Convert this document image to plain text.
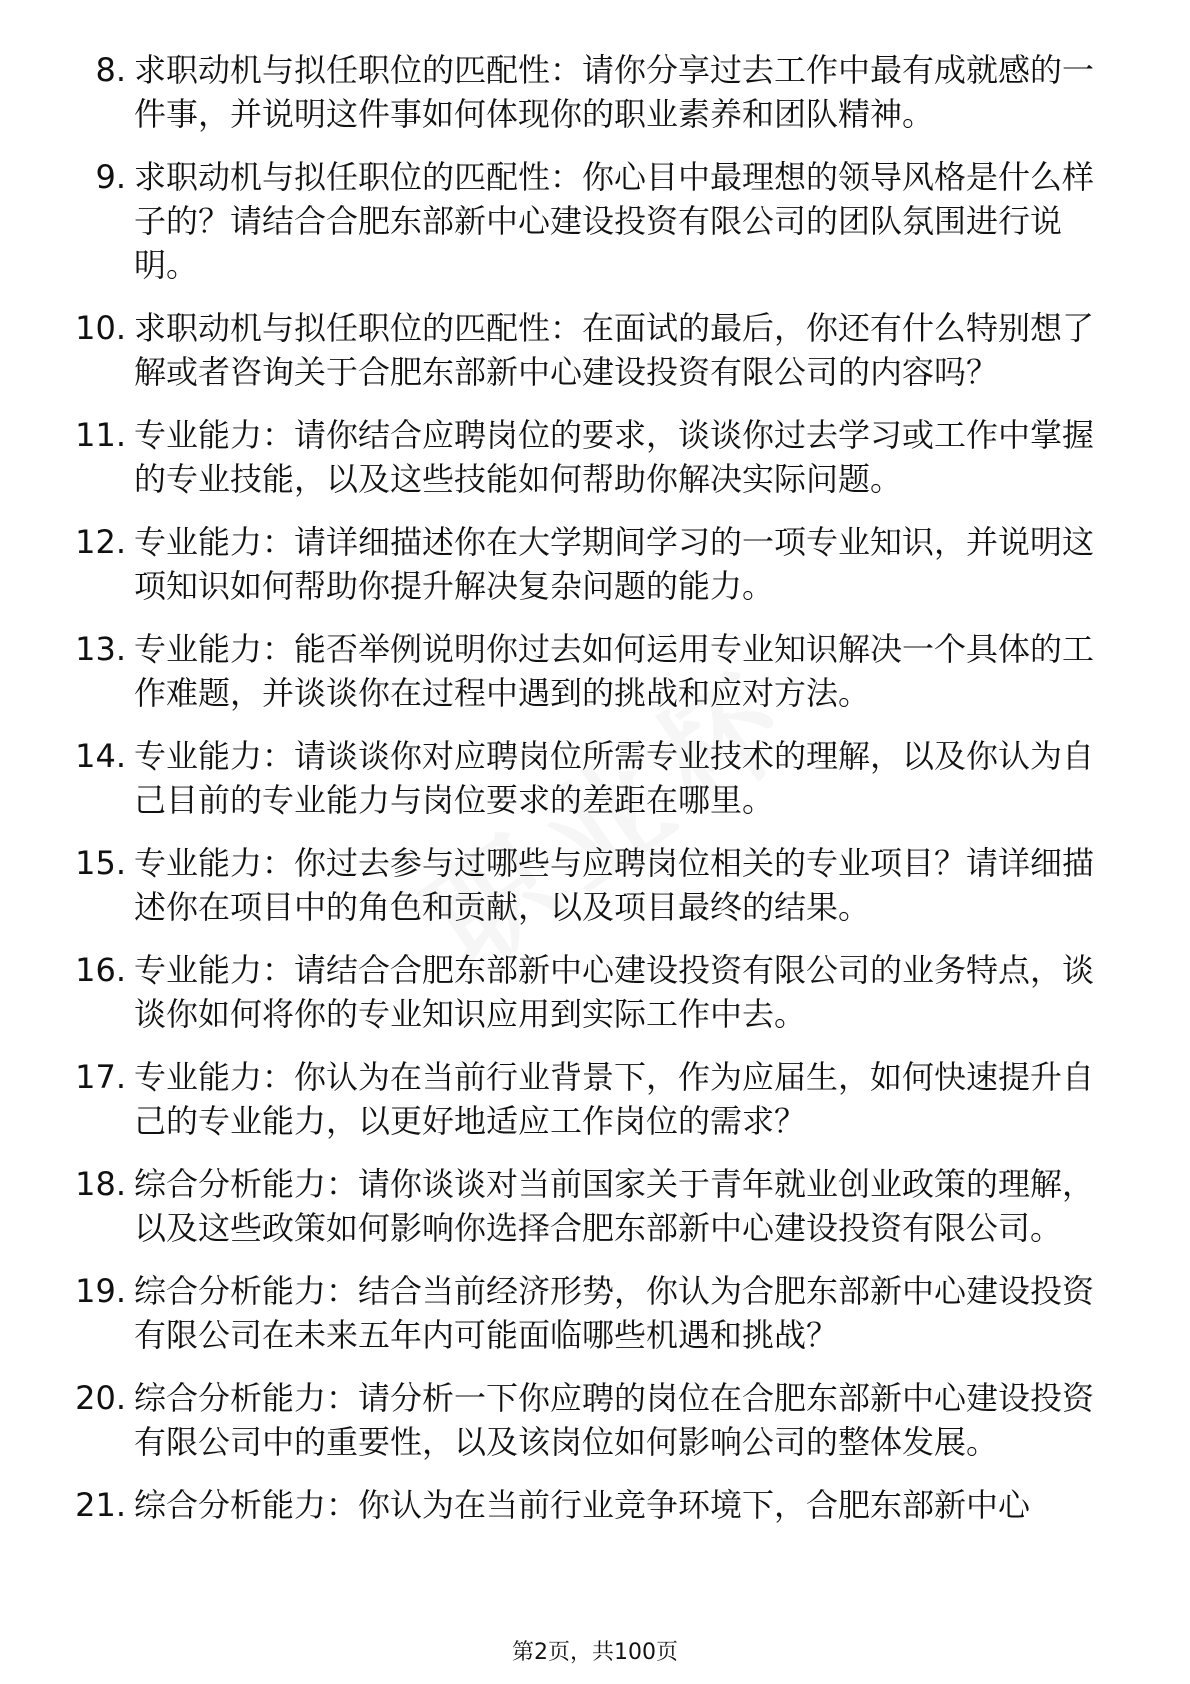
8. 求职动机与拟任职位的匹配性：请你分享过去工作中最有成就感的一件事，并说明这件事如何体现你的职业素养和团队精神。
9. 求职动机与拟任职位的匹配性：你心目中最理想的领导风格是什么样子的？请结合合肥东部新中心建设投资有限公司的团队氛围进行说明。
10. 求职动机与拟任职位的匹配性：在面试的最后，你还有什么特别想了解或者咨询关于合肥东部新中心建设投资有限公司的内容吗？
11. 专业能力：请你结合应聘岗位的要求，谈谈你过去学习或工作中掌握的专业技能，以及这些技能如何帮助你解决实际问题。
12. 专业能力：请详细描述你在大学期间学习的一项专业知识，并说明这项知识如何帮助你提升解决复杂问题的能力。
13. 专业能力：能否举例说明你过去如何运用专业知识解决一个具体的工作难题，并谈谈你在过程中遇到的挑战和应对方法。
14. 专业能力：请谈谈你对应聘岗位所需专业技术的理解，以及你认为自己目前的专业能力与岗位要求的差距在哪里。
15. 专业能力：你过去参与过哪些与应聘岗位相关的专业项目？请详细描述你在项目中的角色和贡献，以及项目最终的结果。
16. 专业能力：请结合合肥东部新中心建设投资有限公司的业务特点，谈谈你如何将你的专业知识应用到实际工作中去。
17. 专业能力：你认为在当前行业背景下，作为应届生，如何快速提升自己的专业能力，以更好地适应工作岗位的需求？
18. 综合分析能力：请你谈谈对当前国家关于青年就业创业政策的理解，以及这些政策如何影响你选择合肥东部新中心建设投资有限公司。
19. 综合分析能力：结合当前经济形势，你认为合肥东部新中心建设投资有限公司在未来五年内可能面临哪些机遇和挑战？
20. 综合分析能力：请分析一下你应聘的岗位在合肥东部新中心建设投资有限公司中的重要性，以及该岗位如何影响公司的整体发展。
21. 综合分析能力：你认为在当前行业竞争环境下，合肥东部新中心
第2页，共100页
